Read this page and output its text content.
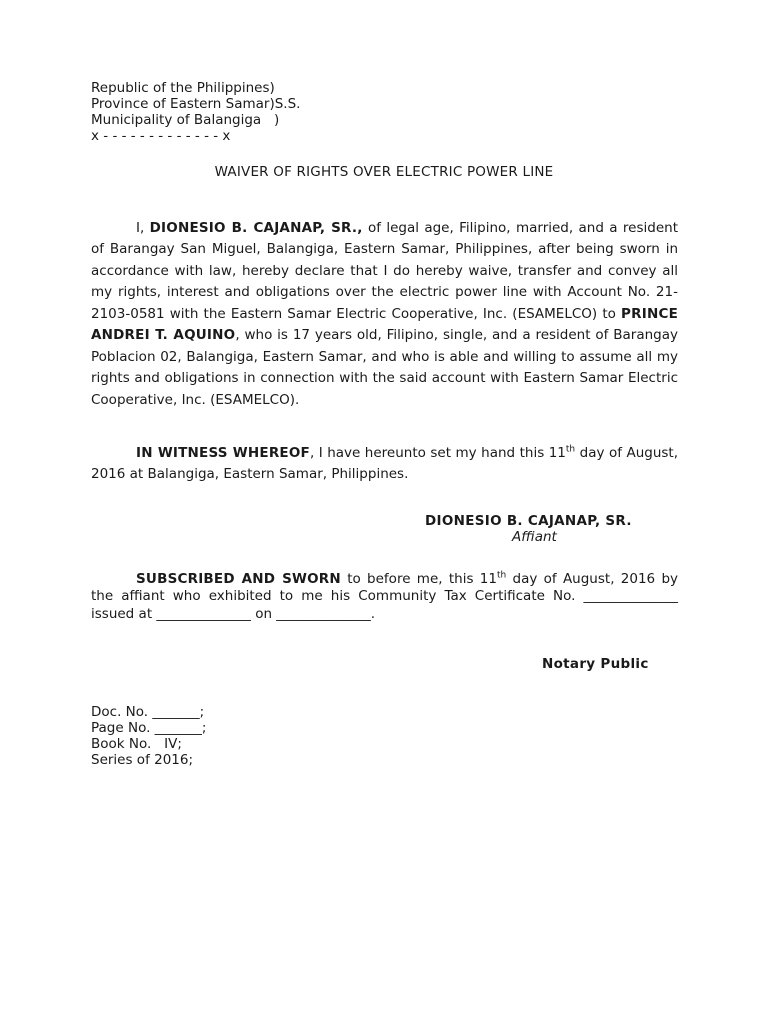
Republic of the Philippines)
Province of Eastern Samar)S.S.
Municipality of Balangiga   )
x - - - - - - - - - - - - - x
WAIVER OF RIGHTS OVER ELECTRIC POWER LINE

I, DIONESIO B. CAJANAP, SR., of legal age, Filipino, married, and a resident of Barangay San Miguel, Balangiga, Eastern Samar, Philippines, after being sworn in accordance with law, hereby declare that I do hereby waive, transfer and convey all my rights, interest and obligations over the electric power line with Account No. 21-2103-0581 with the Eastern Samar Electric Cooperative, Inc. (ESAMELCO) to PRINCE ANDREI T. AQUINO, who is 17 years old, Filipino, single, and a resident of Barangay Poblacion 02, Balangiga, Eastern Samar, and who is able and willing to assume all my rights and obligations in connection with the said account with Eastern Samar Electric Cooperative, Inc. (ESAMELCO).

IN WITNESS WHEREOF, I have hereunto set my hand this 11th day of August, 2016 at Balangiga, Eastern Samar, Philippines.

DIONESIO B. CAJANAP, SR.
Affiant

SUBSCRIBED AND SWORN to before me, this 11th day of August, 2016 by the affiant who exhibited to me his Community Tax Certificate No. ______________ issued at ______________ on ______________.

Notary Public
Doc. No. _______;
Page No. _______;
Book No.   IV;
Series of 2016;
